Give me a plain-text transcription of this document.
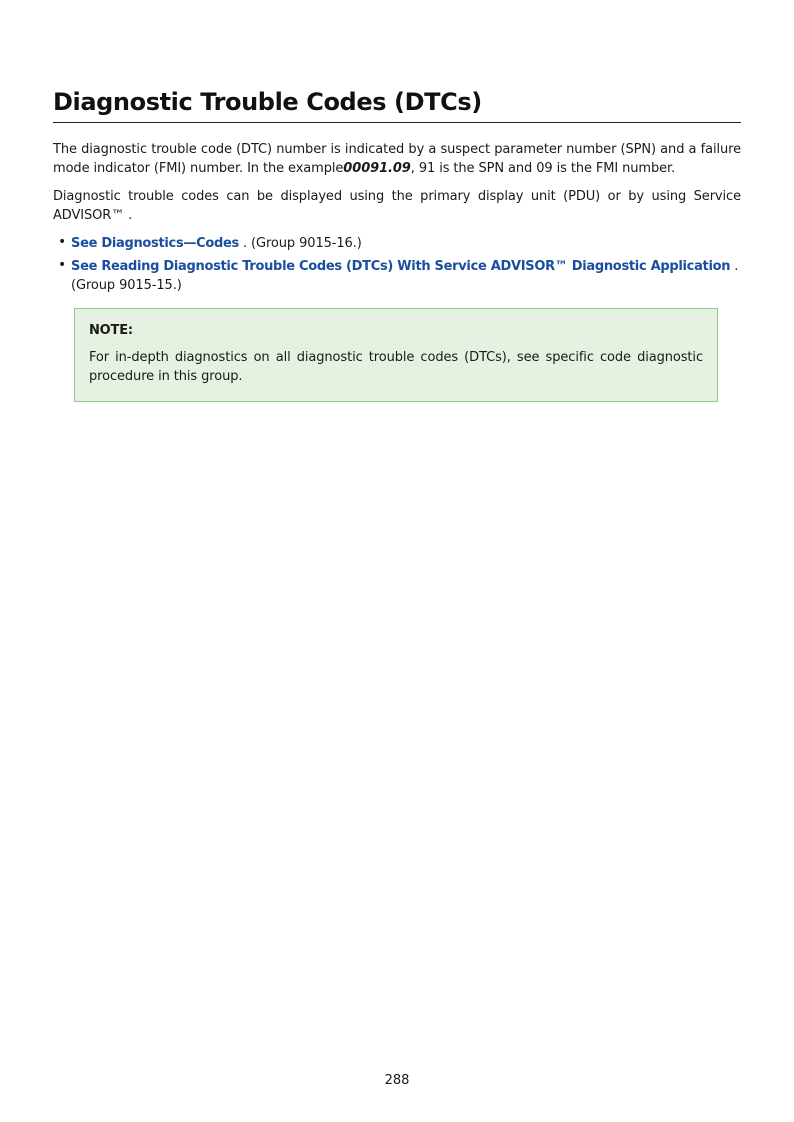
Diagnostic Trouble Codes (DTCs)

The diagnostic trouble code (DTC) number is indicated by a suspect parameter number (SPN) and a failure mode indicator (FMI) number. In the example00091.09, 91 is the SPN and 09 is the FMI number.

Diagnostic trouble codes can be displayed using the primary display unit (PDU) or by using Service ADVISOR™ .

• See Diagnostics—Codes . (Group 9015-16.)
• See Reading Diagnostic Trouble Codes (DTCs) With Service ADVISOR™ Diagnostic Application . (Group 9015-15.)

NOTE:

For in-depth diagnostics on all diagnostic trouble codes (DTCs), see specific code diagnostic procedure in this group.

288
